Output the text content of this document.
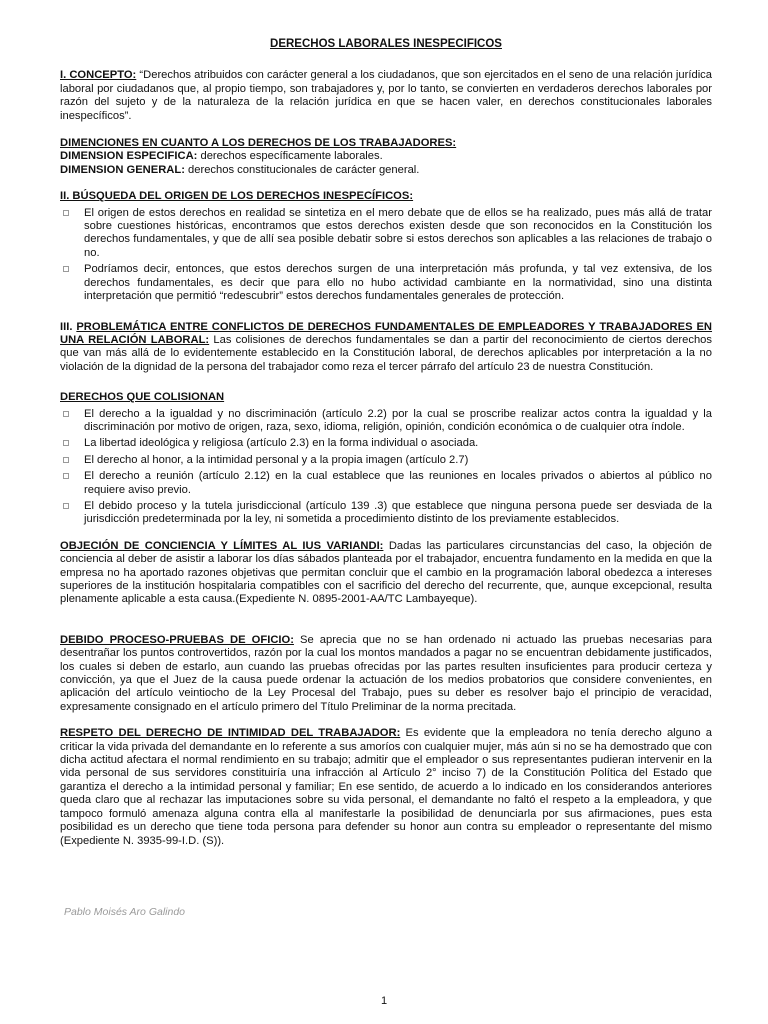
DERECHOS LABORALES INESPECIFICOS

I. CONCEPTO: “Derechos atribuidos con carácter general a los ciudadanos, que son ejercitados en el seno de una relación jurídica laboral por ciudadanos que, al propio tiempo, son trabajadores y, por lo tanto, se convierten en verdaderos derechos laborales por razón del sujeto y de la naturaleza de la relación jurídica en que se hacen valer, en derechos constitucionales laborales inespecíficos”.

DIMENCIONES EN CUANTO A LOS DERECHOS DE LOS TRABAJADORES:
DIMENSION ESPECIFICA: derechos específicamente laborales.
DIMENSION GENERAL: derechos constitucionales de carácter general.
II. BÚSQUEDA DEL ORIGEN DE LOS DERECHOS INESPECÍFICOS:
El origen de estos derechos en realidad se sintetiza en el mero debate que de ellos se ha realizado, pues más allá de tratar sobre cuestiones históricas, encontramos que estos derechos existen desde que son reconocidos en la Constitución los derechos fundamentales, y que de allí sea posible debatir sobre si estos derechos son aplicables a las relaciones de trabajo o no.
Podríamos decir, entonces, que estos derechos surgen de una interpretación más profunda, y tal vez extensiva, de los derechos fundamentales, es decir que para ello no hubo actividad cambiante en la normatividad, sino una distinta interpretación que permitió “redescubrir” estos derechos fundamentales generales de protección.

III. PROBLEMÁTICA ENTRE CONFLICTOS DE DERECHOS FUNDAMENTALES DE EMPLEADORES Y TRABAJADORES EN UNA RELACIÓN LABORAL: Las colisiones de derechos fundamentales se dan a partir del reconocimiento de ciertos derechos que van más allá de lo evidentemente establecido en la Constitución laboral, de derechos aplicables por interpretación a la no violación de la dignidad de la persona del trabajador como reza el tercer párrafo del artículo 23 de nuestra Constitución.

DERECHOS QUE COLISIONAN
El derecho a la igualdad y no discriminación (artículo 2.2) por la cual se proscribe realizar actos contra la igualdad y la discriminación por motivo de origen, raza, sexo, idioma, religión, opinión, condición económica o de cualquier otra índole.
La libertad ideológica y religiosa (artículo 2.3) en la forma individual o asociada.
El derecho al honor, a la intimidad personal y a la propia imagen (artículo 2.7)
El derecho a reunión (artículo 2.12) en la cual establece que las reuniones en locales privados o abiertos al público no requiere aviso previo.
El debido proceso y la tutela jurisdiccional (artículo 139 .3) que establece que ninguna persona puede ser desviada de la jurisdicción predeterminada por la ley, ni sometida a procedimiento distinto de los previamente establecidos.

OBJECIÓN DE CONCIENCIA Y LÍMITES AL IUS VARIANDI: Dadas las particulares circunstancias del caso, la objeción de conciencia al deber de asistir a laborar los días sábados planteada por el trabajador, encuentra fundamento en la medida en que la empresa no ha aportado razones objetivas que permitan concluir que el cambio en la programación laboral obedezca a intereses superiores de la institución hospitalaria compatibles con el sacrificio del derecho del recurrente, que, aunque excepcional, resulta plenamente aplicable a esta causa.(Expediente N. 0895-2001-AA/TC Lambayeque).

DEBIDO PROCESO-PRUEBAS DE OFICIO: Se aprecia que no se han ordenado ni actuado las pruebas necesarias para desentrañar los puntos controvertidos, razón por la cual los montos mandados a pagar no se encuentran debidamente justificados, los cuales si deben de estarlo, aun cuando las pruebas ofrecidas por las partes resulten insuficientes para producir certeza y convicción, ya que el Juez de la causa puede ordenar la actuación de los medios probatorios que considere convenientes, en aplicación del artículo veintiocho de la Ley Procesal del Trabajo, pues su deber es resolver bajo el principio de veracidad, expresamente consignado en el artículo primero del Título Preliminar de la norma precitada.

RESPETO DEL DERECHO DE INTIMIDAD DEL TRABAJADOR: Es evidente que la empleadora no tenía derecho alguno a criticar la vida privada del demandante en lo referente a sus amoríos con cualquier mujer, más aún si no se ha demostrado que con dicha actitud afectara el normal rendimiento en su trabajo; admitir que el empleador o sus representantes pudieran intervenir en la vida personal de sus servidores constituiría una infracción al Artículo 2° inciso 7) de la Constitución Política del Estado que garantiza el derecho a la intimidad personal y familiar; En ese sentido, de acuerdo a lo indicado en los considerandos anteriores queda claro que al rechazar las imputaciones sobre su vida personal, el demandante no faltó el respeto a la empleadora, y que tampoco formuló amenaza alguna contra ella al manifestarle la posibilidad de denunciarla por sus afirmaciones, pues esta posibilidad es un derecho que tiene toda persona para defender su honor aun contra su empleador o representante del mismo (Expediente N. 3935-99-I.D. (S)).

Pablo Moisés Aro Galindo
1
